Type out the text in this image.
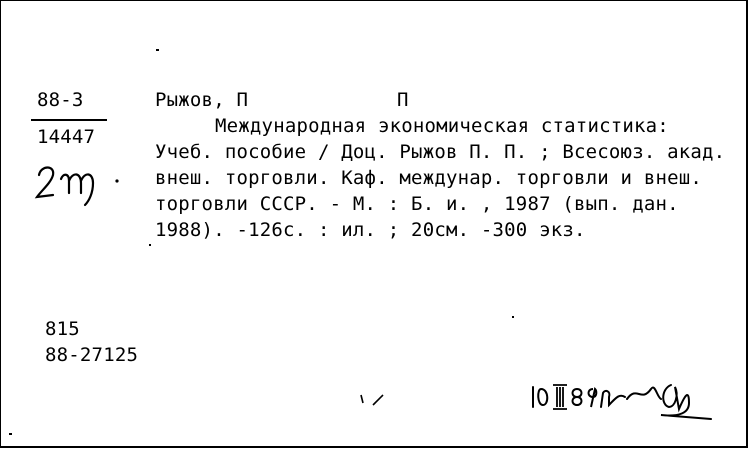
88-3
14447
Рыжов, П	П
Международная экономическая статистика:
Учеб. пособие / Доц. Рыжов П. П. ; Всесоюз. акад.
внеш. торговли. Каф. междунар. торговли и внеш.
торговли СССР. - М. : Б. и. , 1987 (вып. дан.
1988). -126с. : ил. ; 20см. -300 экз.
815
88-27125
